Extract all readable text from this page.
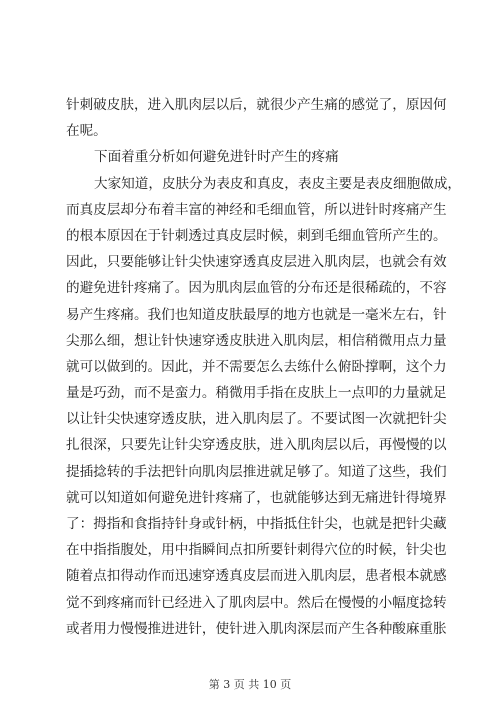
针刺破皮肤，进入肌肉层以后，就很少产生痛的感觉了，原因何
在呢。
下面着重分析如何避免进针时产生的疼痛
大家知道，皮肤分为表皮和真皮，表皮主要是表皮细胞做成，
而真皮层却分布着丰富的神经和毛细血管，所以进针时疼痛产生
的根本原因在于针刺透过真皮层时候，刺到毛细血管所产生的。
因此，只要能够让针尖快速穿透真皮层进入肌肉层，也就会有效
的避免进针疼痛了。因为肌肉层血管的分布还是很稀疏的，不容
易产生疼痛。我们也知道皮肤最厚的地方也就是一毫米左右，针
尖那么细，想让针快速穿透皮肤进入肌肉层，相信稍微用点力量
就可以做到的。因此，并不需要怎么去练什么俯卧撑啊，这个力
量是巧劲，而不是蛮力。稍微用手指在皮肤上一点叩的力量就足
以让针尖快速穿透皮肤，进入肌肉层了。不要试图一次就把针尖
扎很深，只要先让针尖穿透皮肤，进入肌肉层以后，再慢慢的以
提插捻转的手法把针向肌肉层推进就足够了。知道了这些，我们
就可以知道如何避免进针疼痛了，也就能够达到无痛进针得境界
了：拇指和食指持针身或针柄，中指抵住针尖，也就是把针尖藏
在中指指腹处，用中指瞬间点扣所要针刺得穴位的时候，针尖也
随着点扣得动作而迅速穿透真皮层而进入肌肉层，患者根本就感
觉不到疼痛而针已经进入了肌肉层中。然后在慢慢的小幅度捻转
或者用力慢慢推进进针，使针进入肌肉深层而产生各种酸麻重胀
第 3 页 共 10 页
